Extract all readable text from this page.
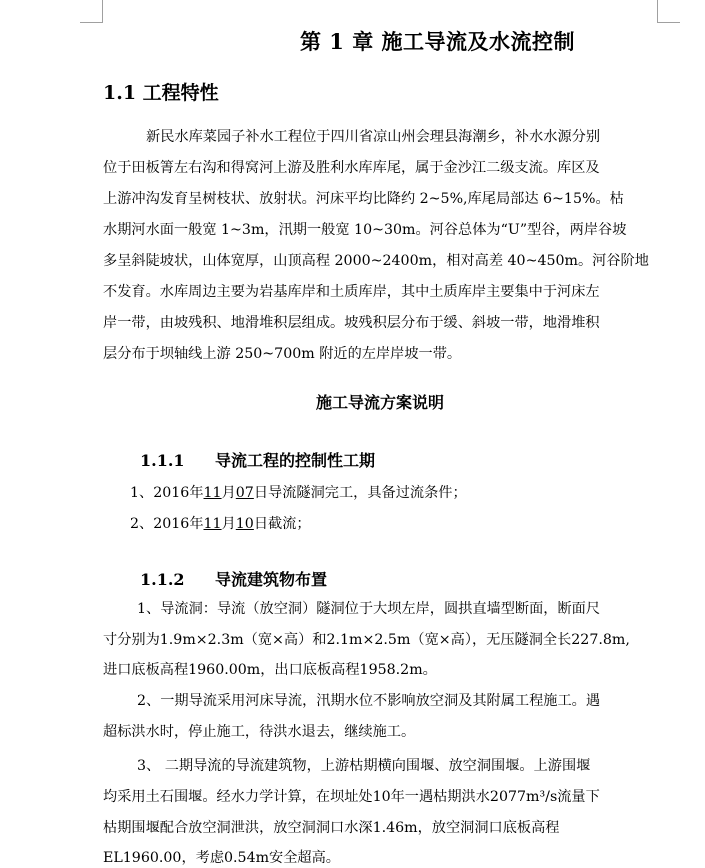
第 1 章 施工导流及水流控制
1.1 工程特性
新民水库菜园子补水工程位于四川省凉山州会理县海潮乡，补水水源分别
位于田板箐左右沟和得窝河上游及胜利水库库尾，属于金沙江二级支流。库区及
上游冲沟发育呈树枝状、放射状。河床平均比降约 2~5%,库尾局部达 6~15%。枯
水期河水面一般宽 1~3m，汛期一般宽 10~30m。河谷总体为“U”型谷，两岸谷坡
多呈斜陡坡状，山体宽厚，山顶高程 2000~2400m，相对高差 40~450m。河谷阶地
不发育。水库周边主要为岩基库岸和土质库岸，其中土质库岸主要集中于河床左
岸一带，由坡残积、地滑堆积层组成。坡残积层分布于缓、斜坡一带，地滑堆积
层分布于坝轴线上游 250~700m 附近的左岸岸坡一带。
施工导流方案说明
1.1.1 导流工程的控制性工期
1、2016年11月07日导流隧洞完工，具备过流条件；
2、2016年11月10日截流；
1.1.2 导流建筑物布置
1、导流洞：导流（放空洞）隧洞位于大坝左岸，圆拱直墙型断面，断面尺
寸分别为1.9m×2.3m（宽×高）和2.1m×2.5m（宽×高），无压隧洞全长227.8m,
进口底板高程1960.00m，出口底板高程1958.2m。
2、一期导流采用河床导流，汛期水位不影响放空洞及其附属工程施工。遇
超标洪水时，停止施工，待洪水退去，继续施工。
3、 二期导流的导流建筑物，上游枯期横向围堰、放空洞围堰。上游围堰
均采用土石围堰。经水力学计算，在坝址处10年一遇枯期洪水2077m³/s流量下
枯期围堰配合放空洞泄洪，放空洞洞口水深1.46m，放空洞洞口底板高程
EL1960.00，考虑0.54m安全超高。
